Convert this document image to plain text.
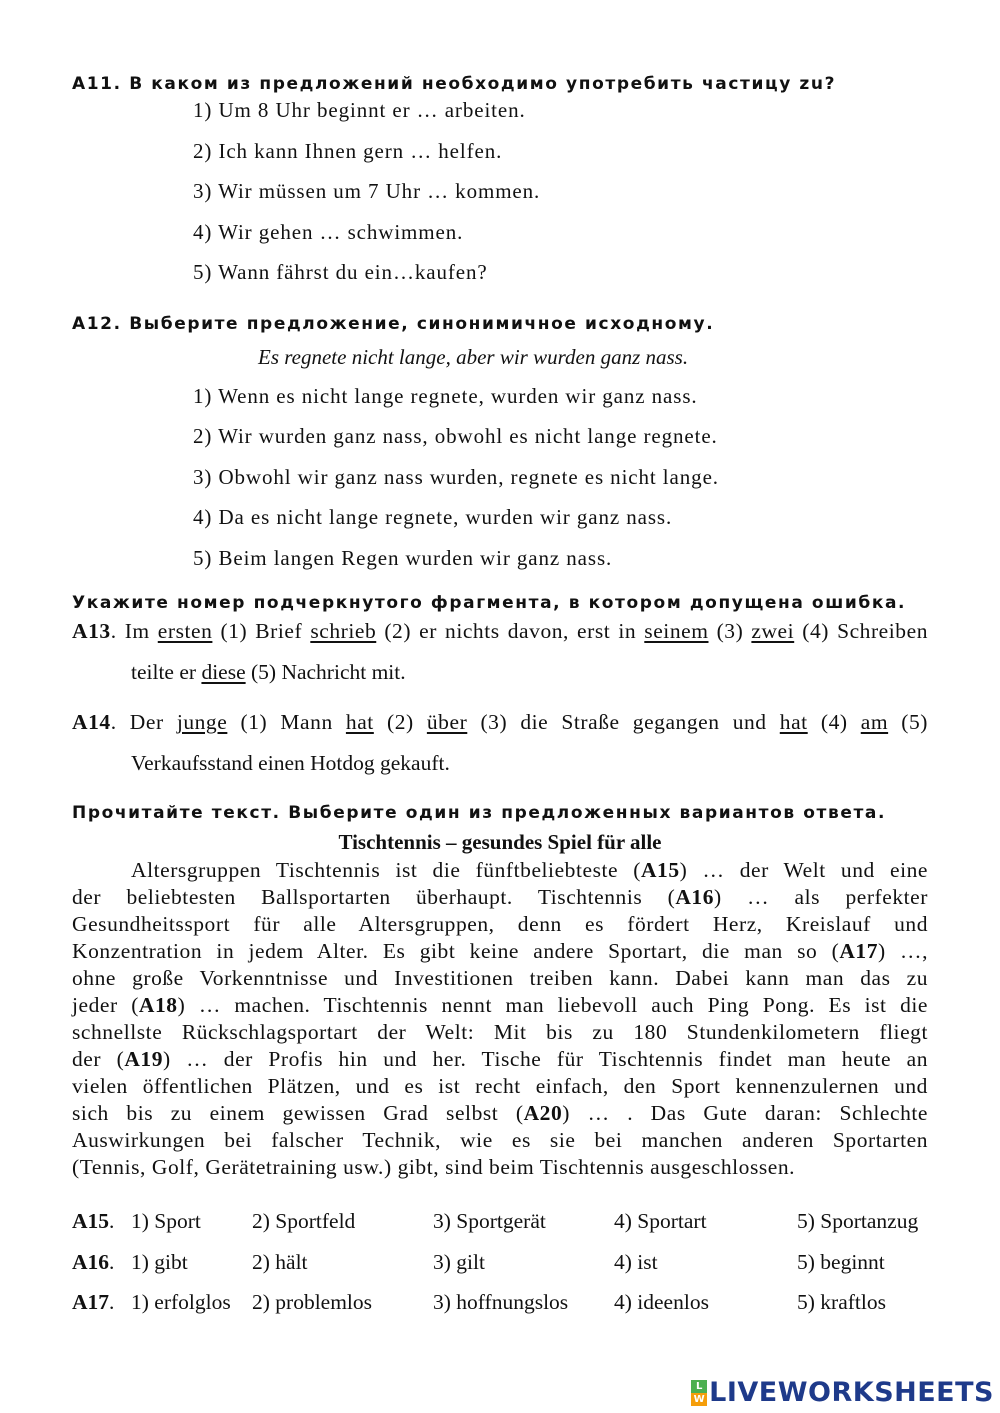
A11. В каком из предложений необходимо употребить частицу zu?
1) Um 8 Uhr beginnt er … arbeiten.
2) Ich kann Ihnen gern … helfen.
3) Wir müssen um 7 Uhr … kommen.
4) Wir gehen … schwimmen.
5) Wann fährst du ein…kaufen?
A12. Выберите предложение, синонимичное исходному.
Es regnete nicht lange, aber wir wurden ganz nass.
1) Wenn es nicht lange regnete, wurden wir ganz nass.
2) Wir wurden ganz nass, obwohl es nicht lange regnete.
3) Obwohl wir ganz nass wurden, regnete es nicht lange.
4) Da es nicht lange regnete, wurden wir ganz nass.
5) Beim langen Regen wurden wir ganz nass.
Укажите номер подчеркнутого фрагмента, в котором допущена ошибка.
A13. Im ersten (1) Brief schrieb (2) er nichts davon, erst in seinem (3) zwei (4) Schreiben
teilte er diese (5) Nachricht mit.
A14. Der junge (1) Mann hat (2) über (3) die Straße gegangen und hat (4) am (5)
Verkaufsstand einen Hotdog gekauft.
Прочитайте текст. Выберите один из предложенных вариантов ответа.
Tischtennis – gesundes Spiel für alle
Altersgruppen Tischtennis ist die fünftbeliebteste (A15) … der Welt und eine
der beliebtesten Ballsportarten überhaupt. Tischtennis (A16) … als perfekter
Gesundheitssport für alle Altersgruppen, denn es fördert Herz, Kreislauf und
Konzentration in jedem Alter. Es gibt keine andere Sportart, die man so (A17) …,
ohne große Vorkenntnisse und Investitionen treiben kann. Dabei kann man das zu
jeder (A18) … machen. Tischtennis nennt man liebevoll auch Ping Pong. Es ist die
schnellste Rückschlagsportart der Welt: Mit bis zu 180 Stundenkilometern fliegt
der (A19) … der Profis hin und her. Tische für Tischtennis findet man heute an
vielen öffentlichen Plätzen, und es ist recht einfach, den Sport kennenzulernen und
sich bis zu einem gewissen Grad selbst (A20) … . Das Gute daran: Schlechte
Auswirkungen bei falscher Technik, wie es sie bei manchen anderen Sportarten
(Tennis, Golf, Gerätetraining usw.) gibt, sind beim Tischtennis ausgeschlossen.
A15. 1) Sport 2) Sportfeld	3) Sportgerät	4) Sportart	5) Sportanzug
A16. 1) gibt	2) hält	3) gilt	4) ist	5) beginnt
A17. 1) erfolglos 2) problemlos	3) hoffnungslos 4) ideenlos	5) kraftlos
L
W LIVEWORKSHEETS
